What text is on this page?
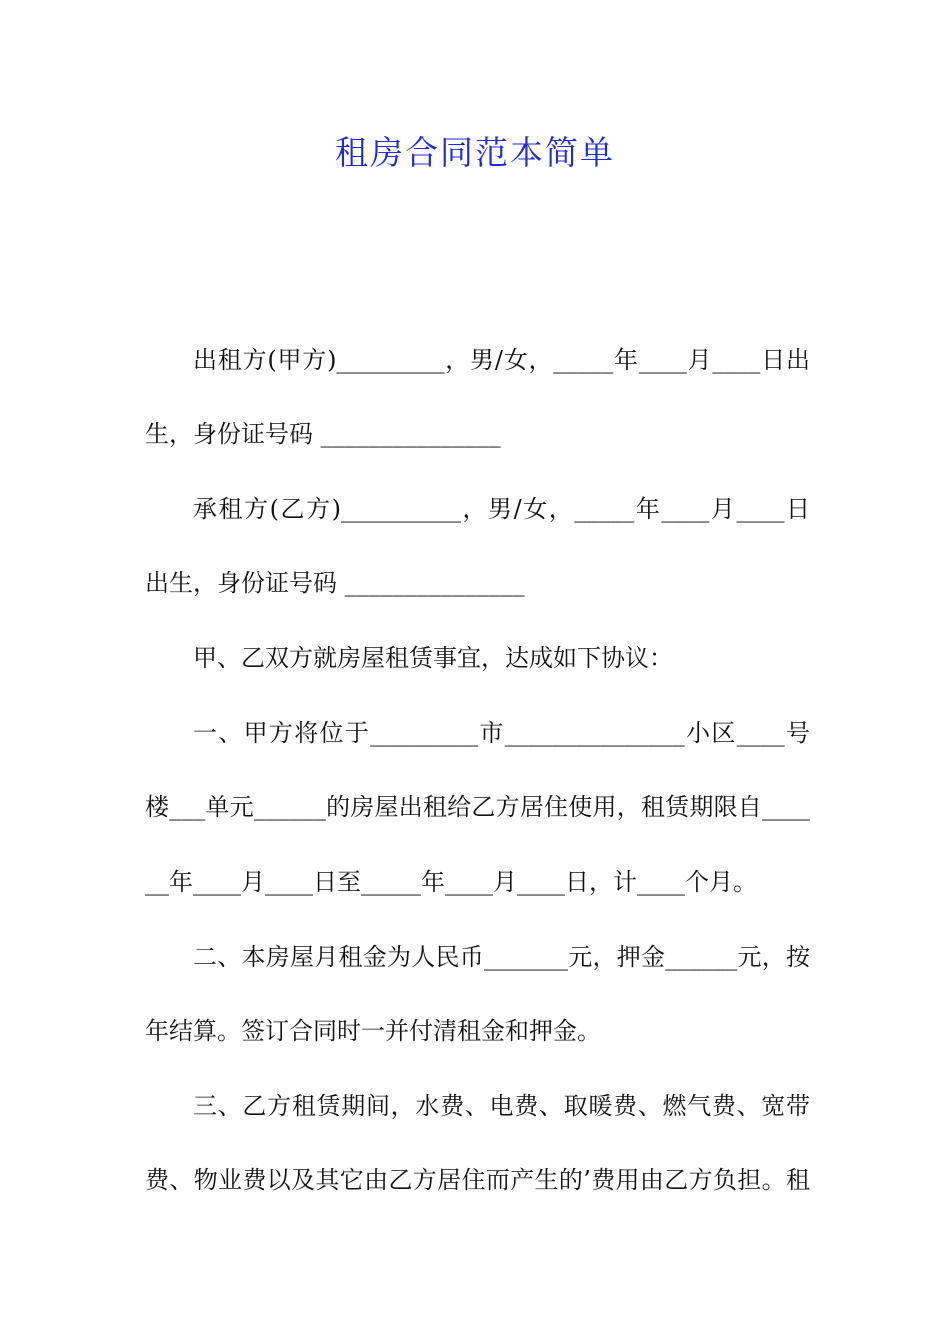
租房合同范本简单
出租方(甲方)_________，男/女，_____年____月____日出
生，身份证号码 _______________
承租方(乙方)__________，男/女，_____年____月____日
出生，身份证号码 _______________
甲、乙双方就房屋租赁事宜，达成如下协议：
一、甲方将位于_________市_______________小区____号
楼___单元______的房屋出租给乙方居住使用，租赁期限自____
__年____月____日至_____年____月____日，计____个月。
二、本房屋月租金为人民币_______元，押金______元，按
年结算。签订合同时一并付清租金和押金。
三、乙方租赁期间，水费、电费、取暖费、燃气费、宽带
费、物业费以及其它由乙方居住而产生的’费用由乙方负担。租
